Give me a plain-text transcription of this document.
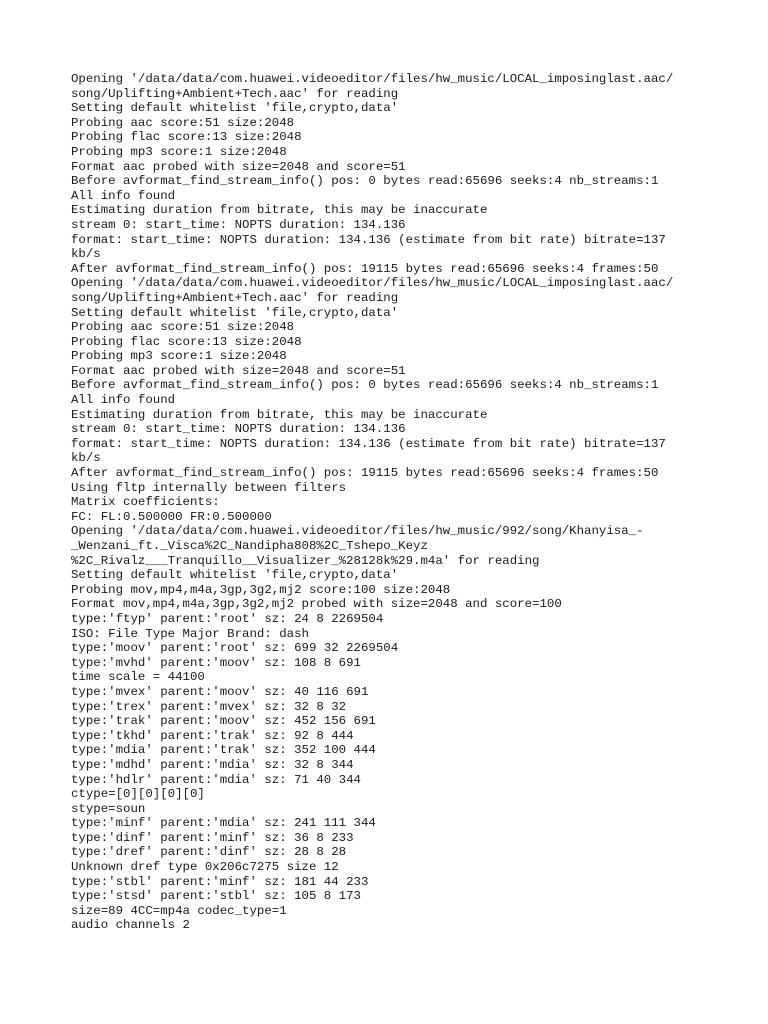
Opening '/data/data/com.huawei.videoeditor/files/hw_music/LOCAL_imposinglast.aac/
song/Uplifting+Ambient+Tech.aac' for reading
Setting default whitelist 'file,crypto,data'
Probing aac score:51 size:2048
Probing flac score:13 size:2048
Probing mp3 score:1 size:2048
Format aac probed with size=2048 and score=51
Before avformat_find_stream_info() pos: 0 bytes read:65696 seeks:4 nb_streams:1
All info found
Estimating duration from bitrate, this may be inaccurate
stream 0: start_time: NOPTS duration: 134.136
format: start_time: NOPTS duration: 134.136 (estimate from bit rate) bitrate=137
kb/s
After avformat_find_stream_info() pos: 19115 bytes read:65696 seeks:4 frames:50
Opening '/data/data/com.huawei.videoeditor/files/hw_music/LOCAL_imposinglast.aac/
song/Uplifting+Ambient+Tech.aac' for reading
Setting default whitelist 'file,crypto,data'
Probing aac score:51 size:2048
Probing flac score:13 size:2048
Probing mp3 score:1 size:2048
Format aac probed with size=2048 and score=51
Before avformat_find_stream_info() pos: 0 bytes read:65696 seeks:4 nb_streams:1
All info found
Estimating duration from bitrate, this may be inaccurate
stream 0: start_time: NOPTS duration: 134.136
format: start_time: NOPTS duration: 134.136 (estimate from bit rate) bitrate=137
kb/s
After avformat_find_stream_info() pos: 19115 bytes read:65696 seeks:4 frames:50
Using fltp internally between filters
Matrix coefficients:
FC: FL:0.500000 FR:0.500000
Opening '/data/data/com.huawei.videoeditor/files/hw_music/992/song/Khanyisa_-
_Wenzani_ft._Visca%2C_Nandipha808%2C_Tshepo_Keyz
%2C_Rivalz___Tranquillo__Visualizer_%28128k%29.m4a' for reading
Setting default whitelist 'file,crypto,data'
Probing mov,mp4,m4a,3gp,3g2,mj2 score:100 size:2048
Format mov,mp4,m4a,3gp,3g2,mj2 probed with size=2048 and score=100
type:'ftyp' parent:'root' sz: 24 8 2269504
ISO: File Type Major Brand: dash
type:'moov' parent:'root' sz: 699 32 2269504
type:'mvhd' parent:'moov' sz: 108 8 691
time scale = 44100
type:'mvex' parent:'moov' sz: 40 116 691
type:'trex' parent:'mvex' sz: 32 8 32
type:'trak' parent:'moov' sz: 452 156 691
type:'tkhd' parent:'trak' sz: 92 8 444
type:'mdia' parent:'trak' sz: 352 100 444
type:'mdhd' parent:'mdia' sz: 32 8 344
type:'hdlr' parent:'mdia' sz: 71 40 344
ctype=[0][0][0][0]
stype=soun
type:'minf' parent:'mdia' sz: 241 111 344
type:'dinf' parent:'minf' sz: 36 8 233
type:'dref' parent:'dinf' sz: 28 8 28
Unknown dref type 0x206c7275 size 12
type:'stbl' parent:'minf' sz: 181 44 233
type:'stsd' parent:'stbl' sz: 105 8 173
size=89 4CC=mp4a codec_type=1
audio channels 2
